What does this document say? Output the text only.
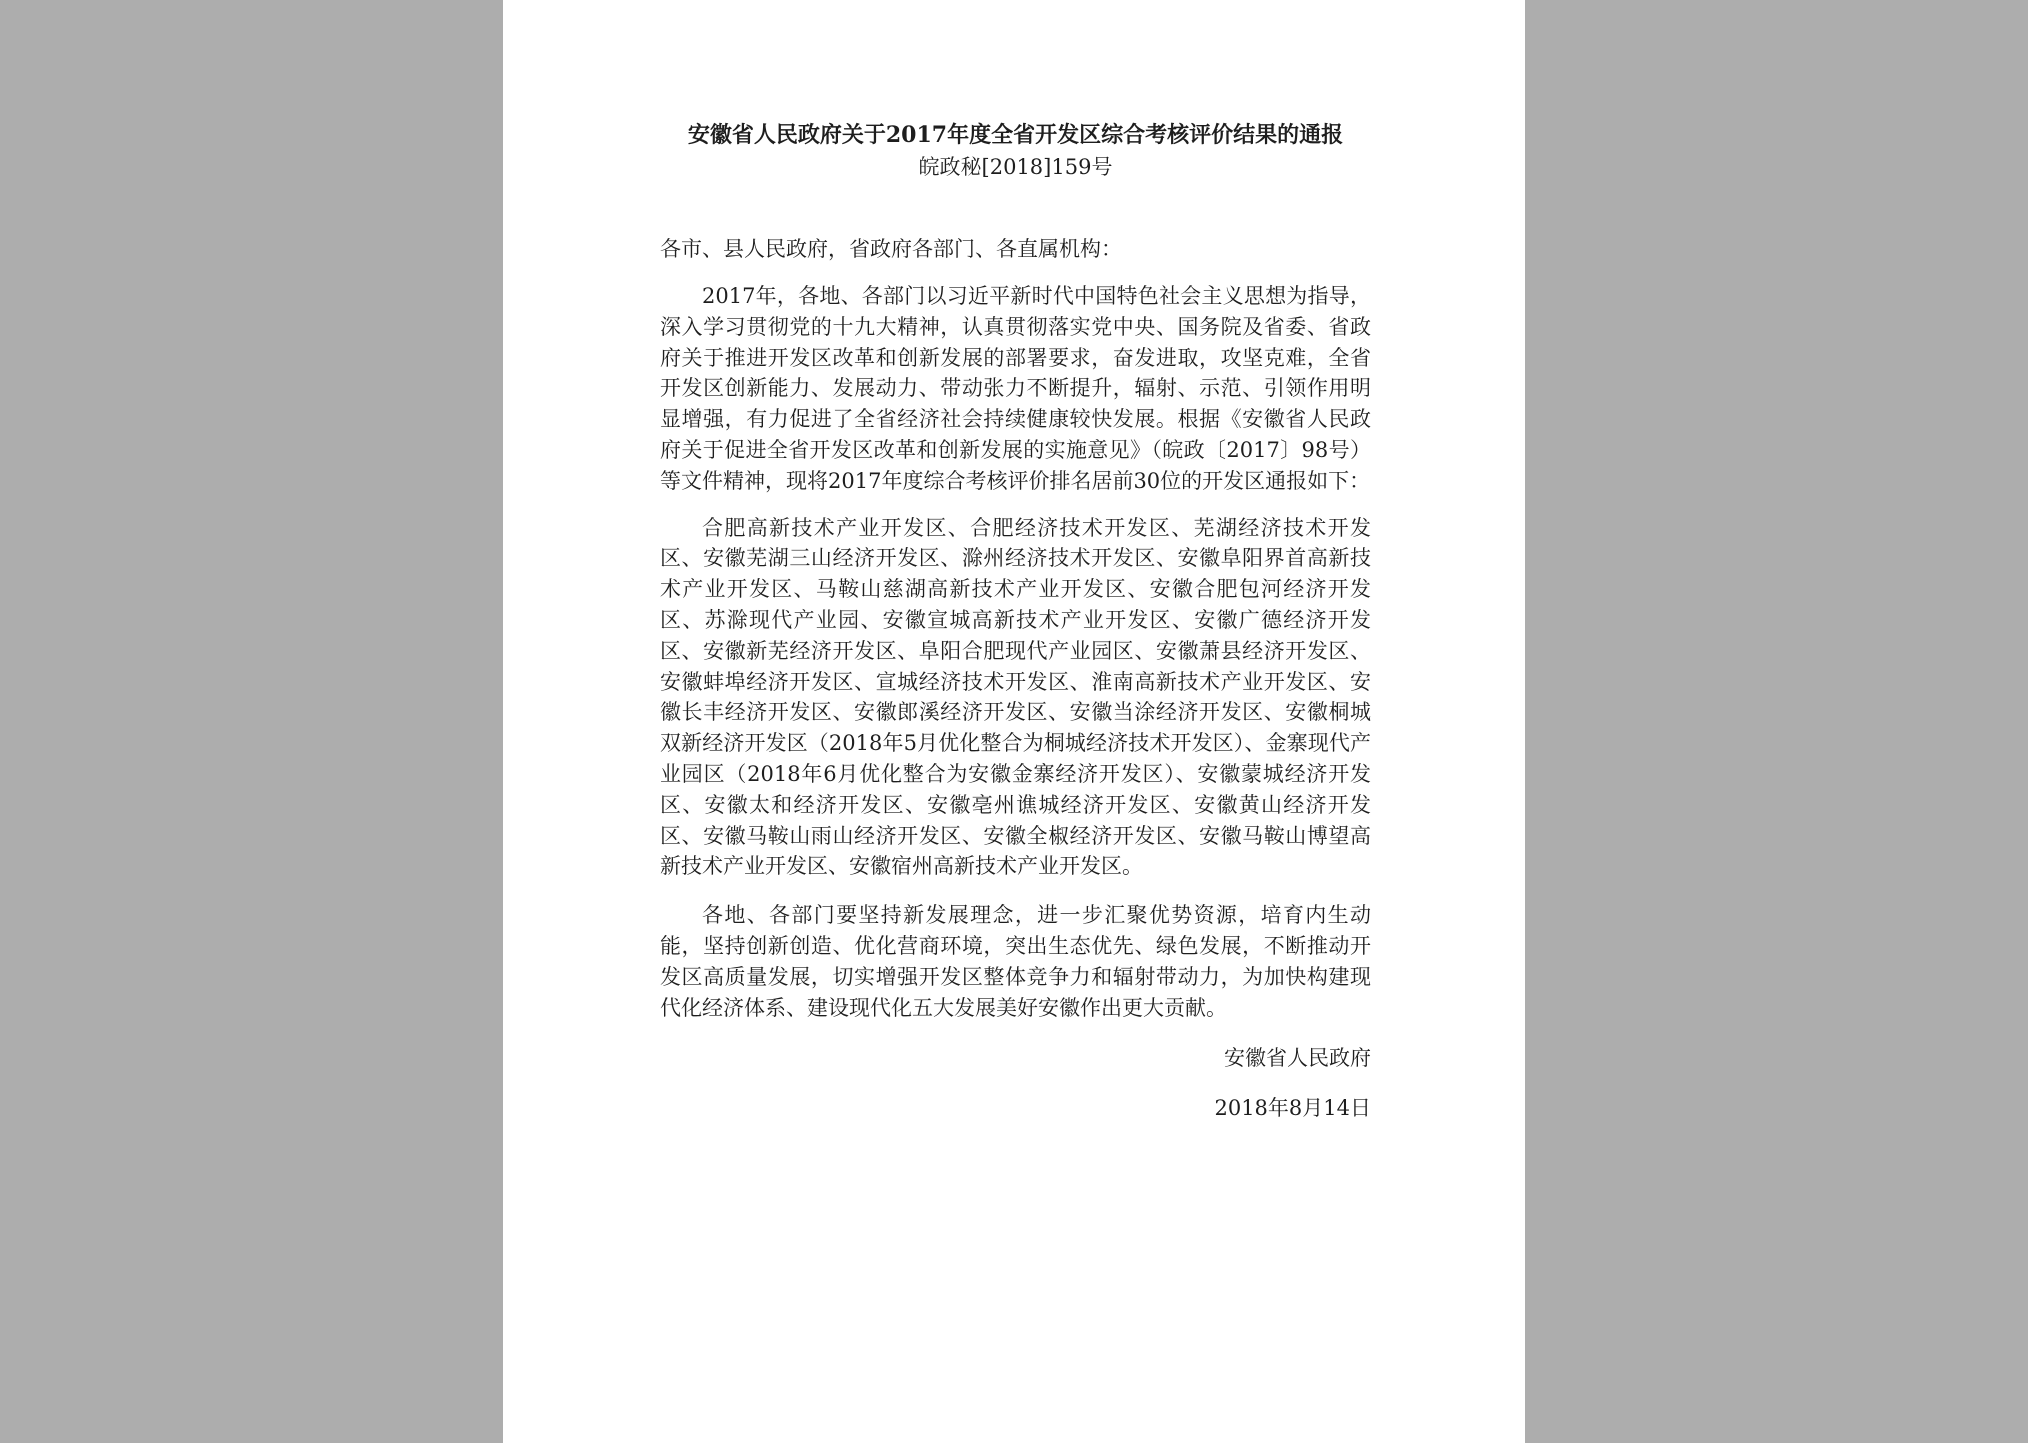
安徽省人民政府关于2017年度全省开发区综合考核评价结果的通报

皖政秘[2018]159号

各市、县人民政府，省政府各部门、各直属机构：

2017年，各地、各部门以习近平新时代中国特色社会主义思想为指导，深入学习贯彻党的十九大精神，认真贯彻落实党中央、国务院及省委、省政府关于推进开发区改革和创新发展的部署要求，奋发进取，攻坚克难，全省开发区创新能力、发展动力、带动张力不断提升，辐射、示范、引领作用明显增强，有力促进了全省经济社会持续健康较快发展。根据《安徽省人民政府关于促进全省开发区改革和创新发展的实施意见》（皖政〔2017〕98号）等文件精神，现将2017年度综合考核评价排名居前30位的开发区通报如下：

合肥高新技术产业开发区、合肥经济技术开发区、芜湖经济技术开发区、安徽芜湖三山经济开发区、滁州经济技术开发区、安徽阜阳界首高新技术产业开发区、马鞍山慈湖高新技术产业开发区、安徽合肥包河经济开发区、苏滁现代产业园、安徽宣城高新技术产业开发区、安徽广德经济开发区、安徽新芜经济开发区、阜阳合肥现代产业园区、安徽萧县经济开发区、安徽蚌埠经济开发区、宣城经济技术开发区、淮南高新技术产业开发区、安徽长丰经济开发区、安徽郎溪经济开发区、安徽当涂经济开发区、安徽桐城双新经济开发区（2018年5月优化整合为桐城经济技术开发区）、金寨现代产业园区（2018年6月优化整合为安徽金寨经济开发区）、安徽蒙城经济开发区、安徽太和经济开发区、安徽亳州谯城经济开发区、安徽黄山经济开发区、安徽马鞍山雨山经济开发区、安徽全椒经济开发区、安徽马鞍山博望高新技术产业开发区、安徽宿州高新技术产业开发区。

各地、各部门要坚持新发展理念，进一步汇聚优势资源，培育内生动能，坚持创新创造、优化营商环境，突出生态优先、绿色发展，不断推动开发区高质量发展，切实增强开发区整体竞争力和辐射带动力，为加快构建现代化经济体系、建设现代化五大发展美好安徽作出更大贡献。

安徽省人民政府

2018年8月14日
